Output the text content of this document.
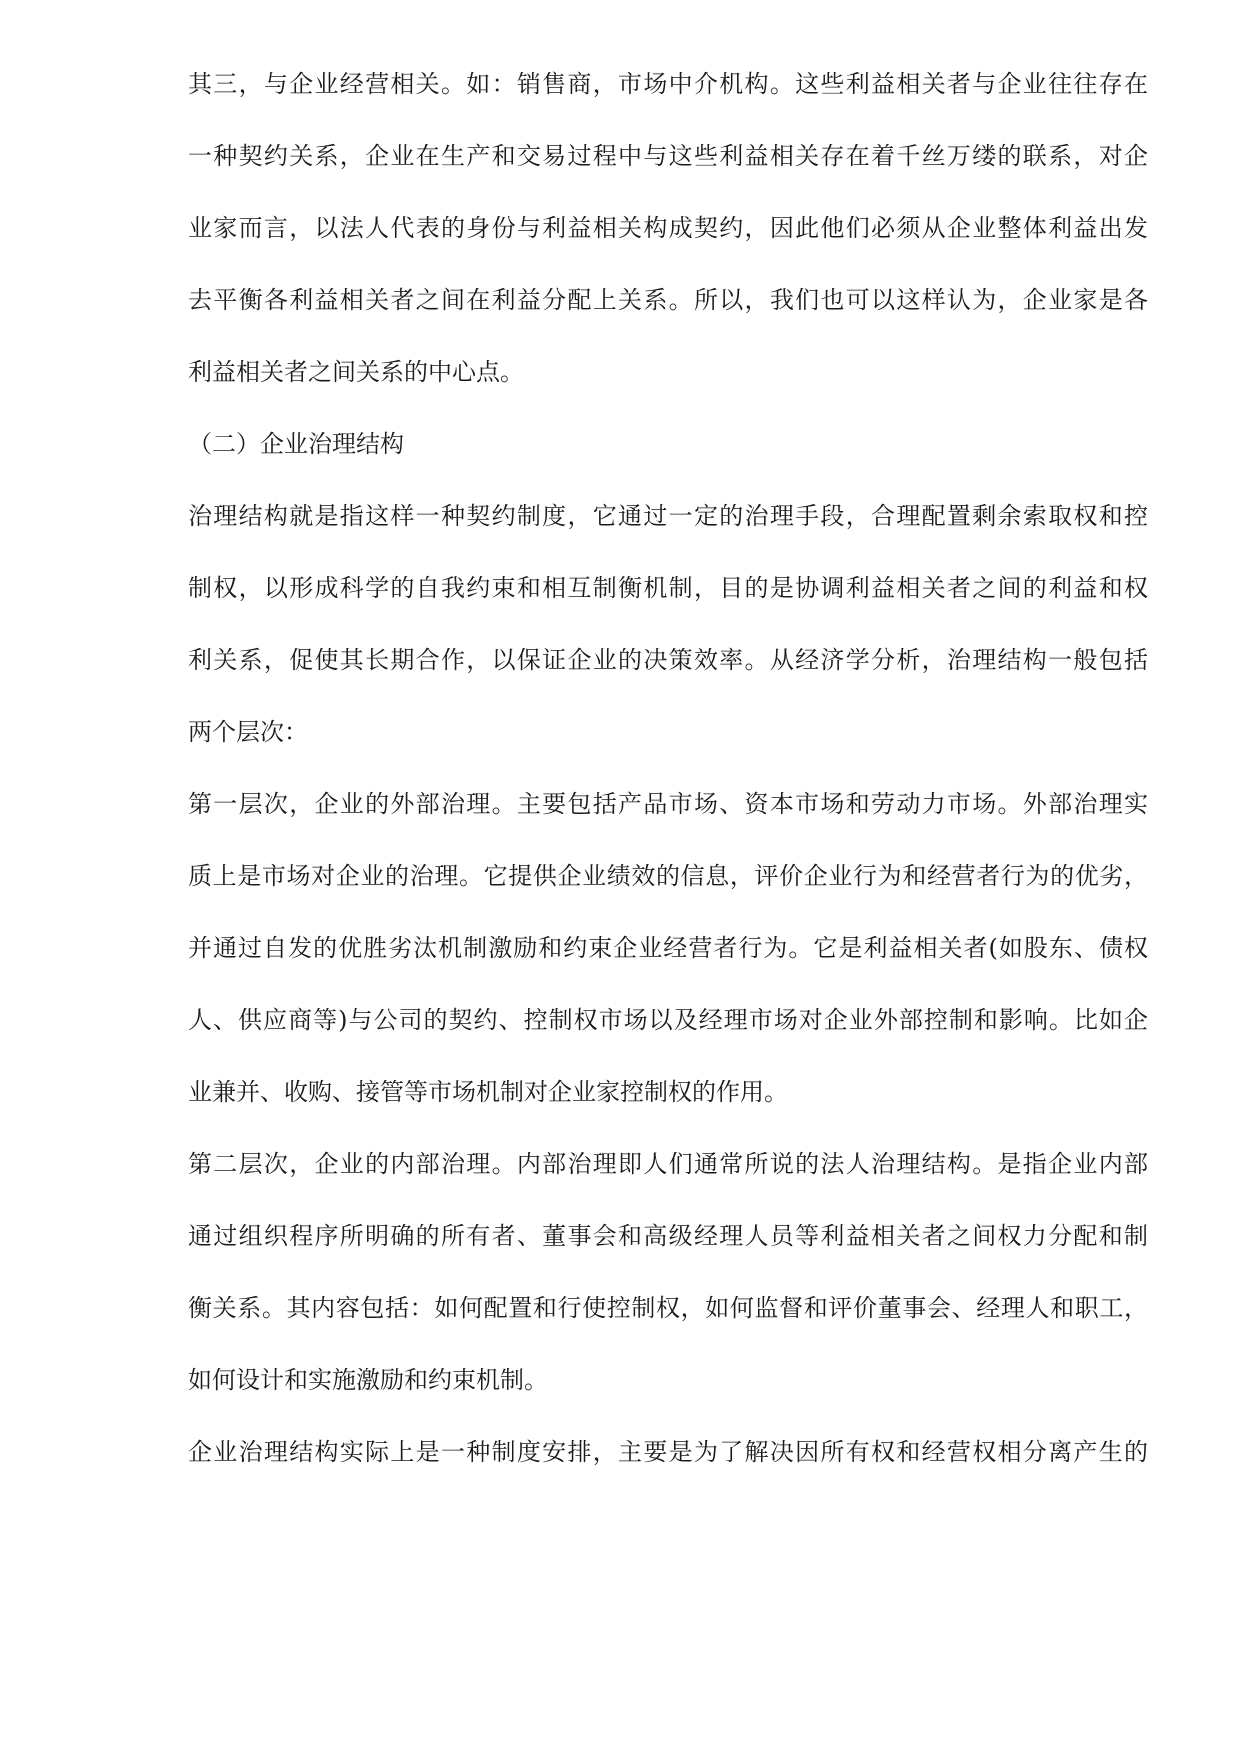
其三，与企业经营相关。如：销售商，市场中介机构。这些利益相关者与企业往往存在
一种契约关系，企业在生产和交易过程中与这些利益相关存在着千丝万缕的联系，对企
业家而言，以法人代表的身份与利益相关构成契约，因此他们必须从企业整体利益出发
去平衡各利益相关者之间在利益分配上关系。所以，我们也可以这样认为，企业家是各
利益相关者之间关系的中心点。
（二）企业治理结构
治理结构就是指这样一种契约制度，它通过一定的治理手段，合理配置剩余索取权和控
制权，以形成科学的自我约束和相互制衡机制，目的是协调利益相关者之间的利益和权
利关系，促使其长期合作，以保证企业的决策效率。从经济学分析，治理结构一般包括
两个层次：
第一层次，企业的外部治理。主要包括产品市场、资本市场和劳动力市场。外部治理实
质上是市场对企业的治理。它提供企业绩效的信息，评价企业行为和经营者行为的优劣，
并通过自发的优胜劣汰机制激励和约束企业经营者行为。它是利益相关者(如股东、债权
人、供应商等)与公司的契约、控制权市场以及经理市场对企业外部控制和影响。比如企
业兼并、收购、接管等市场机制对企业家控制权的作用。
第二层次，企业的内部治理。内部治理即人们通常所说的法人治理结构。是指企业内部
通过组织程序所明确的所有者、董事会和高级经理人员等利益相关者之间权力分配和制
衡关系。其内容包括：如何配置和行使控制权，如何监督和评价董事会、经理人和职工，
如何设计和实施激励和约束机制。
企业治理结构实际上是一种制度安排，主要是为了解决因所有权和经营权相分离产生的
